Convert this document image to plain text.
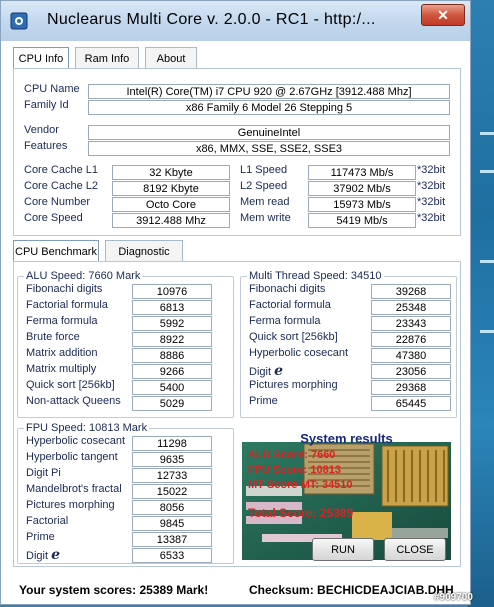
Nuclearus Multi Core v. 2.0.0 - RC1 - http:/...	✕
CPU Info	Ram Info	About
CPU Name	Intel(R) Core(TM) i7 CPU 920 @ 2.67GHz [3912.488 Mhz]
Family Id	x86 Family 6 Model 26 Stepping 5
Vendor	GenuineIntel
Features	x86, MMX, SSE, SSE2, SSE3
Core Cache L1	32 Kbyte
Core Cache L2	8192 Kbyte
Core Number	Octo Core
Core Speed	3912.488 Mhz
L1 Speed	117473 Mb/s	*32bit
L2 Speed	37902 Mb/s	*32bit
Mem read	15973 Mb/s	*32bit
Mem write	5419 Mb/s	*32bit
CPU Benchmark	Diagnostic
ALU Speed: 7660 Mark
Fibonachi digits	10976
Factorial formula	6813
Ferma formula	5992
Brute force	8922
Matrix addition	8886
Matrix multiply	9266
Quick sort [256kb]	5400
Non-attack Queens	5029
Multi Thread Speed: 34510
Fibonachi digits	39268
Factorial formula	25348
Ferma formula	23343
Quick sort [256kb]	22876
Hyperbolic cosecant	47380
Digit e	23056
Pictures morphing	29368
Prime	65445
FPU Speed: 10813 Mark
Hyperbolic cosecant	11298
Hyperbolic tangent	9635
Digit Pi	12733
Mandelbrot's fractal	15022
Pictures morphing	8056
Factorial	9845
Prime	13387
Digit e	6533
System results
ALU Score: 7660
FPU Score: 10813
MT Score MT: 34510
Total Score: 25389
RUN	CLOSE
Your system scores: 25389 Mark!	Checksum: BECHICDEAJCIAB.DHH
#909700
